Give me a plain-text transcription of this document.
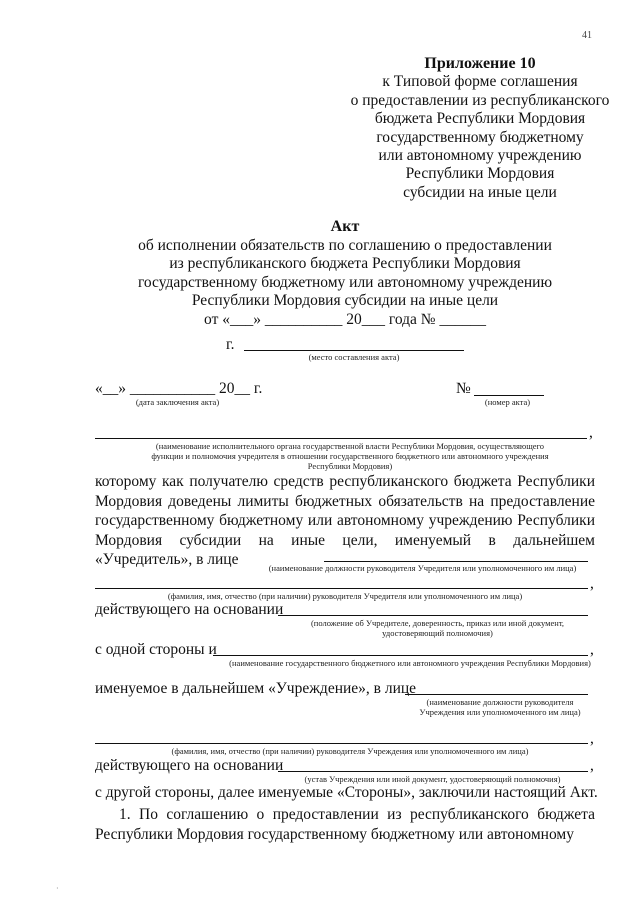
41
Приложение 10
к Типовой форме соглашения
о предоставлении из республиканского
бюджета Республики Мордовия
государственному бюджетному
или автономному учреждению
Республики Мордовия
субсидии на иные цели
Акт
об исполнении обязательств по соглашению о предоставлении
из республиканского бюджета Республики Мордовия
государственному бюджетному или автономному учреждению
Республики Мордовия субсидии на иные цели
от «___» __________ 20___ года № ______
г.
(место составления акта)
«__» ___________ 20__ г.
(дата заключения акта)
№
(номер акта)
,
(наименование исполнительного органа государственной власти Республики Мордовия, осуществляющего функции и полномочия учредителя в отношении государственного бюджетного или автономного учреждения Республики Мордовия)
которому как получателю средств республиканского бюджета Республики Мордовия доведены лимиты бюджетных обязательств на предоставление государственному бюджетному или автономному учреждению Республики Мордовия субсидии на иные цели, именуемый в дальнейшем «Учредитель», в лице	(наименование должности руководителя Учредителя или уполномоченного им лица)
,
(фамилия, имя, отчество (при наличии) руководителя Учредителя или уполномоченного им лица)
действующего на основании
(положение об Учредителе, доверенность, приказ или иной документ, удостоверяющий полномочия)
с одной стороны и	,
(наименование государственного бюджетного или автономного учреждения Республики Мордовия)
именуемое в дальнейшем «Учреждение», в лице
(наименование должности руководителя Учреждения или уполномоченного им лица)
,
(фамилия, имя, отчество (при наличии) руководителя Учреждения или уполномоченного им лица)
действующего на основании	,
(устав Учреждения или иной документ, удостоверяющий полномочия)
с другой стороны, далее именуемые «Стороны», заключили настоящий Акт.
1. По соглашению о предоставлении из республиканского бюджета Республики Мордовия государственному бюджетному или автономному
·
